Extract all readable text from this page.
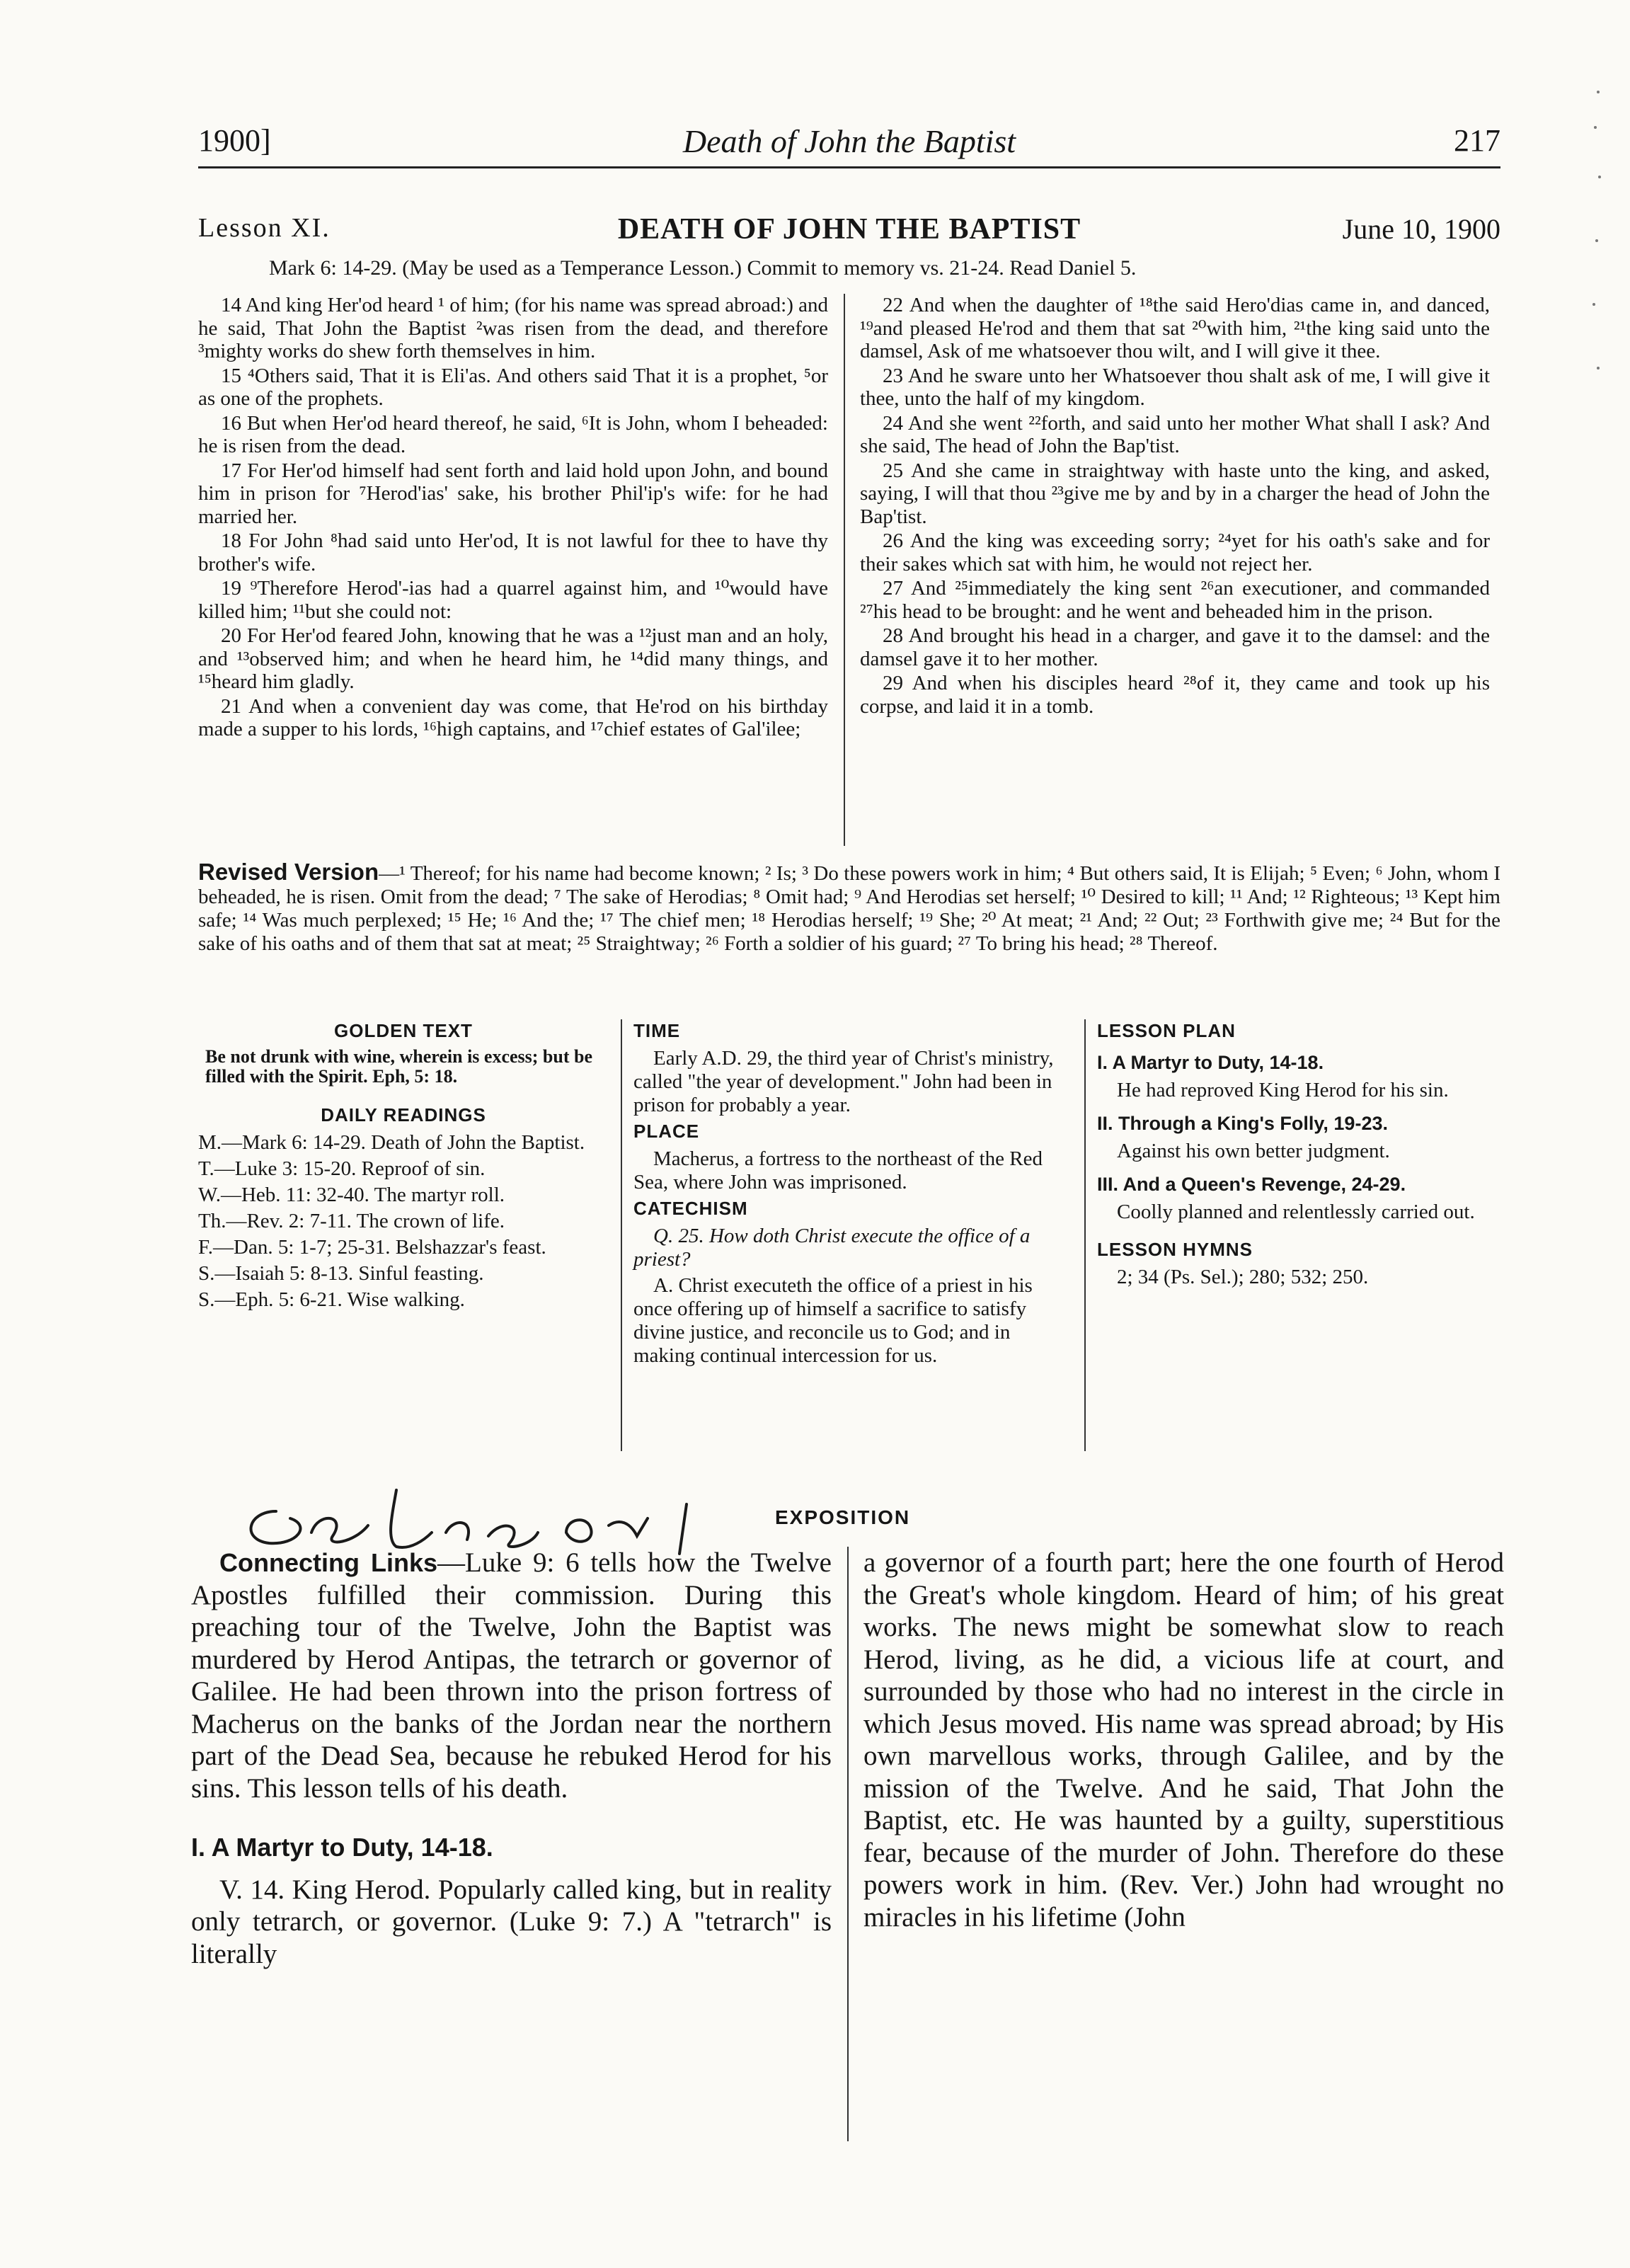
1900]	Death of John the Baptist	217
Lesson XI.	DEATH OF JOHN THE BAPTIST	June 10, 1900
Mark 6: 14-29. (May be used as a Temperance Lesson.) Commit to memory vs. 21-24. Read Daniel 5.

14 And king Her'od heard ¹ of him; (for his name was spread abroad:) and he said, That John the Baptist ²was risen from the dead, and therefore ³mighty works do shew forth themselves in him.

15 ⁴Others said, That it is Eli'as. And others said That it is a prophet, ⁵or as one of the prophets.

16 But when Her'od heard thereof, he said, ⁶It is John, whom I beheaded: he is risen from the dead.

17 For Her'od himself had sent forth and laid hold upon John, and bound him in prison for ⁷Herod'ias' sake, his brother Phil'ip's wife: for he had married her.

18 For John ⁸had said unto Her'od, It is not lawful for thee to have thy brother's wife.

19 ⁹Therefore Herod'-ias had a quarrel against him, and ¹⁰would have killed him; ¹¹but she could not:

20 For Her'od feared John, knowing that he was a ¹²just man and an holy, and ¹³observed him; and when he heard him, he ¹⁴did many things, and ¹⁵heard him gladly.

21 And when a convenient day was come, that He'rod on his birthday made a supper to his lords, ¹⁶high captains, and ¹⁷chief estates of Gal'ilee;

22 And when the daughter of ¹⁸the said Hero'dias came in, and danced, ¹⁹and pleased He'rod and them that sat ²⁰with him, ²¹the king said unto the damsel, Ask of me whatsoever thou wilt, and I will give it thee.

23 And he sware unto her Whatsoever thou shalt ask of me, I will give it thee, unto the half of my kingdom.

24 And she went ²²forth, and said unto her mother What shall I ask? And she said, The head of John the Bap'tist.

25 And she came in straightway with haste unto the king, and asked, saying, I will that thou ²³give me by and by in a charger the head of John the Bap'tist.

26 And the king was exceeding sorry; ²⁴yet for his oath's sake and for their sakes which sat with him, he would not reject her.

27 And ²⁵immediately the king sent ²⁶an executioner, and commanded ²⁷his head to be brought: and he went and beheaded him in the prison.

28 And brought his head in a charger, and gave it to the damsel: and the damsel gave it to her mother.

29 And when his disciples heard ²⁸of it, they came and took up his corpse, and laid it in a tomb.

Revised Version—¹ Thereof; for his name had become known; ² Is; ³ Do these powers work in him; ⁴ But others said, It is Elijah; ⁵ Even; ⁶ John, whom I beheaded, he is risen. Omit from the dead; ⁷ The sake of Herodias; ⁸ Omit had; ⁹ And Herodias set herself; ¹⁰ Desired to kill; ¹¹ And; ¹² Righteous; ¹³ Kept him safe; ¹⁴ Was much perplexed; ¹⁵ He; ¹⁶ And the; ¹⁷ The chief men; ¹⁸ Herodias herself; ¹⁹ She; ²⁰ At meat; ²¹ And; ²² Out; ²³ Forthwith give me; ²⁴ But for the sake of his oaths and of them that sat at meat; ²⁵ Straightway; ²⁶ Forth a soldier of his guard; ²⁷ To bring his head; ²⁸ Thereof.
GOLDEN TEXT
Be not drunk with wine, wherein is excess; but be filled with the Spirit. Eph, 5: 18.
DAILY READINGS
M.—Mark 6: 14-29. Death of John the Baptist.
T.—Luke 3: 15-20. Reproof of sin.
W.—Heb. 11: 32-40. The martyr roll.
Th.—Rev. 2: 7-11. The crown of life.
F.—Dan. 5: 1-7; 25-31. Belshazzar's feast.
S.—Isaiah 5: 8-13. Sinful feasting.
S.—Eph. 5: 6-21. Wise walking.
TIME

Early A.D. 29, the third year of Christ's ministry, called "the year of development." John had been in prison for probably a year.

PLACE

Macherus, a fortress to the northeast of the Red Sea, where John was imprisoned.

CATECHISM

Q. 25. How doth Christ execute the office of a priest?

A. Christ executeth the office of a priest in his once offering up of himself a sacrifice to satisfy divine justice, and reconcile us to God; and in making continual intercession for us.

LESSON PLAN
I. A Martyr to Duty, 14-18.
He had reproved King Herod for his sin.
II. Through a King's Folly, 19-23.
Against his own better judgment.
III. And a Queen's Revenge, 24-29.
Coolly planned and relentlessly carried out.
LESSON HYMNS
2; 34 (Ps. Sel.); 280; 532; 250.
EXPOSITION

Connecting Links—Luke 9: 6 tells how the Twelve Apostles fulfilled their commission. During this preaching tour of the Twelve, John the Baptist was murdered by Herod Antipas, the tetrarch or governor of Galilee. He had been thrown into the prison fortress of Macherus on the banks of the Jordan near the northern part of the Dead Sea, because he rebuked Herod for his sins. This lesson tells of his death.

I. A Martyr to Duty, 14-18.

V. 14. King Herod. Popularly called king, but in reality only tetrarch, or governor. (Luke 9: 7.) A "tetrarch" is literally

a governor of a fourth part; here the one fourth of Herod the Great's whole kingdom. Heard of him; of his great works. The news might be somewhat slow to reach Herod, living, as he did, a vicious life at court, and surrounded by those who had no interest in the circle in which Jesus moved. His name was spread abroad; by His own marvellous works, through Galilee, and by the mission of the Twelve. And he said, That John the Baptist, etc. He was haunted by a guilty, superstitious fear, because of the murder of John. Therefore do these powers work in him. (Rev. Ver.) John had wrought no miracles in his lifetime (John
